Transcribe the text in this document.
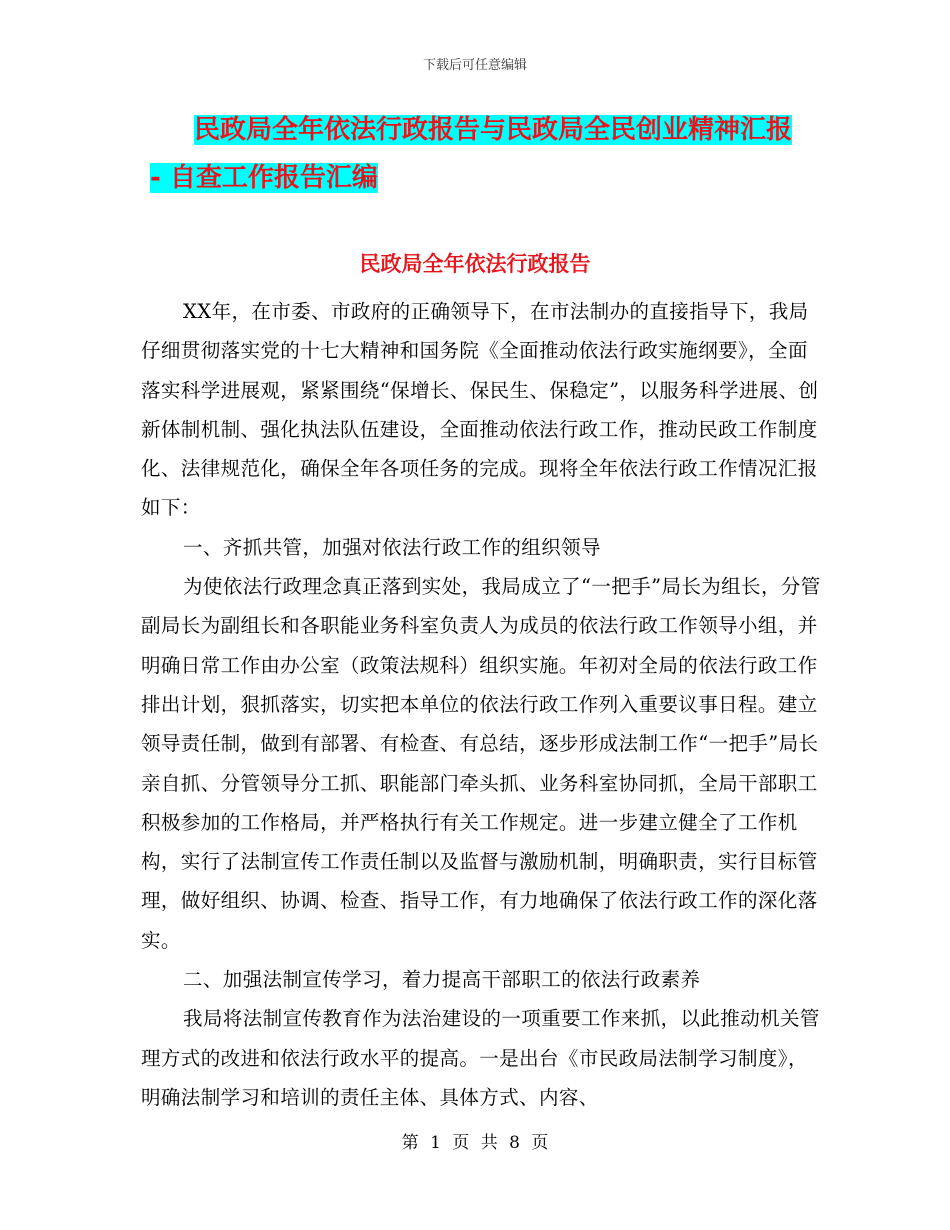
下载后可任意编辑
民政局全年依法行政报告与民政局全民创业精神汇报
- 自查工作报告汇编
民政局全年依法行政报告

XX年，在市委、市政府的正确领导下，在市法制办的直接指导下，我局仔细贯彻落实党的十七大精神和国务院《全面推动依法行政实施纲要》，全面落实科学进展观，紧紧围绕“保增长、保民生、保稳定”，以服务科学进展、创新体制机制、强化执法队伍建设，全面推动依法行政工作，推动民政工作制度化、法律规范化，确保全年各项任务的完成。现将全年依法行政工作情况汇报如下：

一、齐抓共管，加强对依法行政工作的组织领导

为使依法行政理念真正落到实处，我局成立了“一把手”局长为组长，分管副局长为副组长和各职能业务科室负责人为成员的依法行政工作领导小组，并明确日常工作由办公室（政策法规科）组织实施。年初对全局的依法行政工作排出计划，狠抓落实，切实把本单位的依法行政工作列入重要议事日程。建立领导责任制，做到有部署、有检查、有总结，逐步形成法制工作“一把手”局长亲自抓、分管领导分工抓、职能部门牵头抓、业务科室协同抓，全局干部职工积极参加的工作格局，并严格执行有关工作规定。进一步建立健全了工作机构，实行了法制宣传工作责任制以及监督与激励机制，明确职责，实行目标管理，做好组织、协调、检查、指导工作，有力地确保了依法行政工作的深化落实。

二、加强法制宣传学习，着力提高干部职工的依法行政素养

我局将法制宣传教育作为法治建设的一项重要工作来抓，以此推动机关管理方式的改进和依法行政水平的提高。一是出台《市民政局法制学习制度》，明确法制学习和培训的责任主体、具体方式、内容、

第 1 页 共 8 页
